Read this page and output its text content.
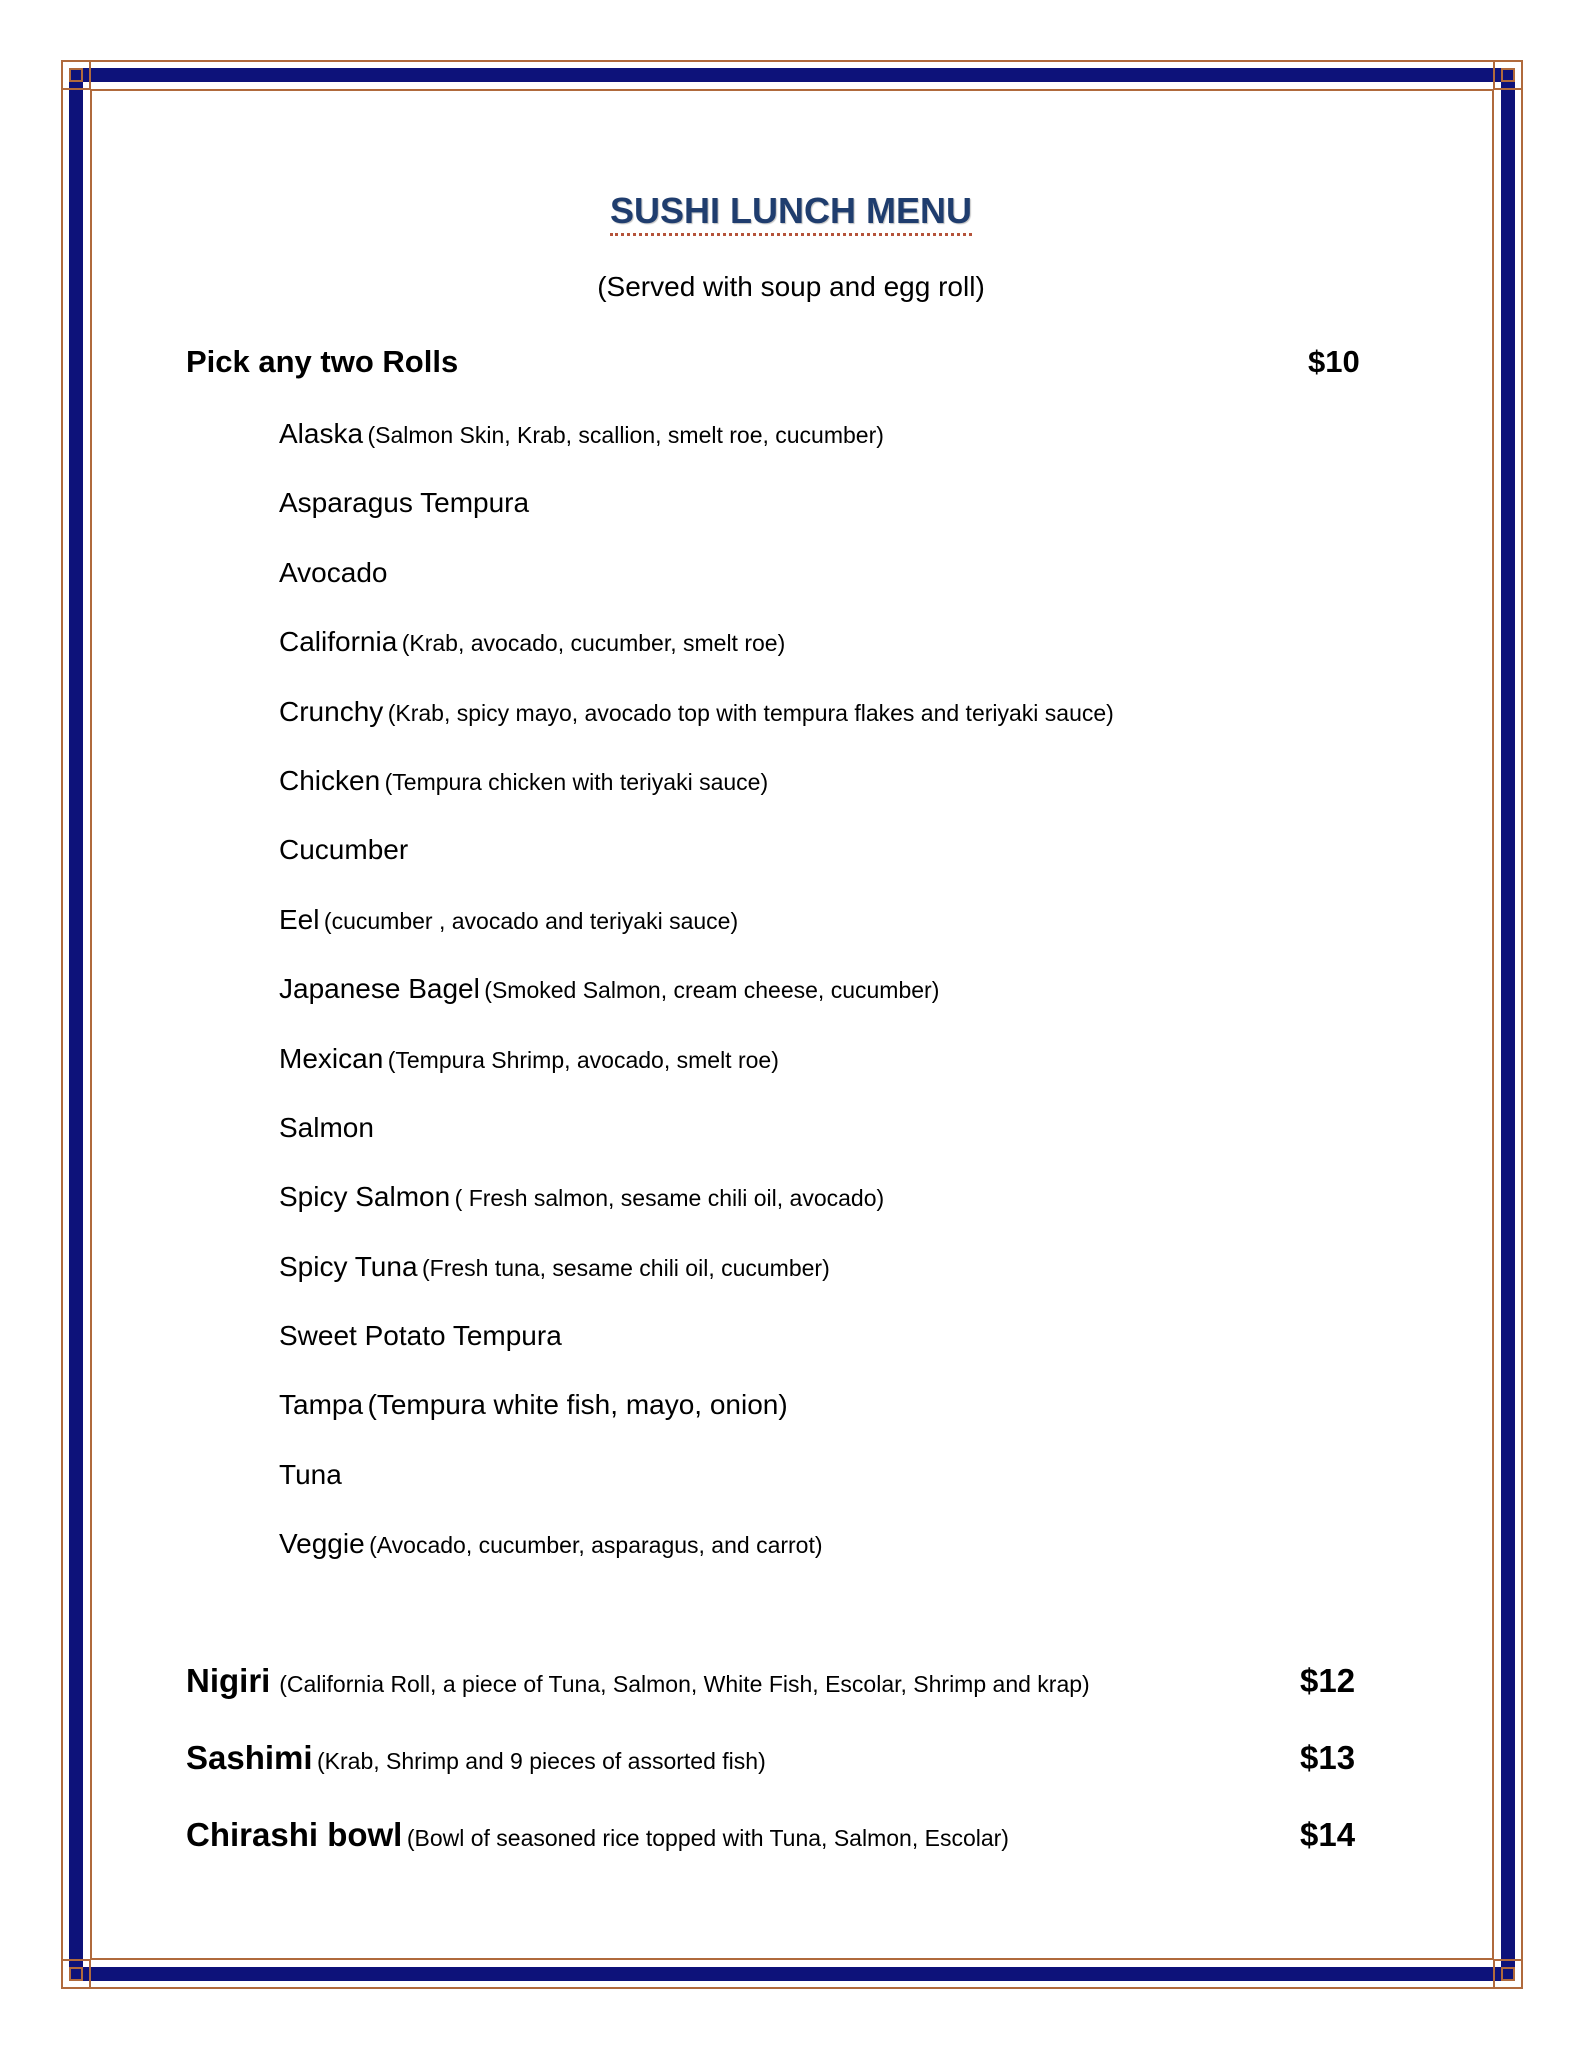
SUSHI LUNCH MENU
(Served with soup and egg roll)
Pick any two Rolls	$10
Alaska (Salmon Skin, Krab, scallion, smelt roe, cucumber)
Asparagus Tempura
Avocado
California (Krab, avocado, cucumber, smelt roe)
Crunchy (Krab, spicy mayo, avocado top with tempura flakes and teriyaki sauce)
Chicken (Tempura chicken with teriyaki sauce)
Cucumber
Eel (cucumber , avocado and teriyaki sauce)
Japanese Bagel (Smoked Salmon, cream cheese, cucumber)
Mexican (Tempura Shrimp, avocado, smelt roe)
Salmon
Spicy Salmon ( Fresh salmon, sesame chili oil, avocado)
Spicy Tuna (Fresh tuna, sesame chili oil, cucumber)
Sweet Potato Tempura
Tampa (Tempura white fish, mayo, onion)
Tuna
Veggie (Avocado, cucumber, asparagus, and carrot)
Nigiri (California Roll, a piece of Tuna, Salmon, White Fish, Escolar, Shrimp and krap)	$12
Sashimi (Krab, Shrimp and 9 pieces of assorted fish)	$13
Chirashi bowl (Bowl of seasoned rice topped with Tuna, Salmon, Escolar)	$14
